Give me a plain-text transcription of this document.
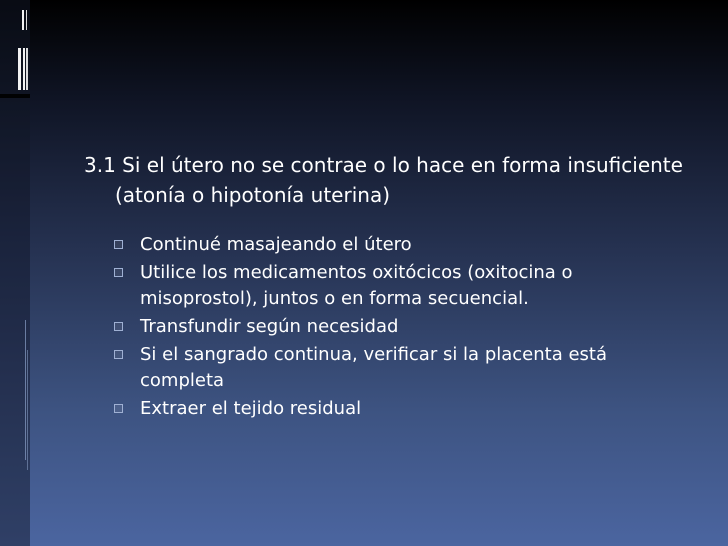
3.1 Si el útero no se contrae o lo hace en forma insuficiente (atonía o hipotonía uterina)
Continué masajeando el útero
Utilice los medicamentos oxitócicos (oxitocina o misoprostol), juntos o en forma secuencial.
Transfundir según necesidad
Si el sangrado continua, verificar si la placenta está completa
Extraer el tejido residual
